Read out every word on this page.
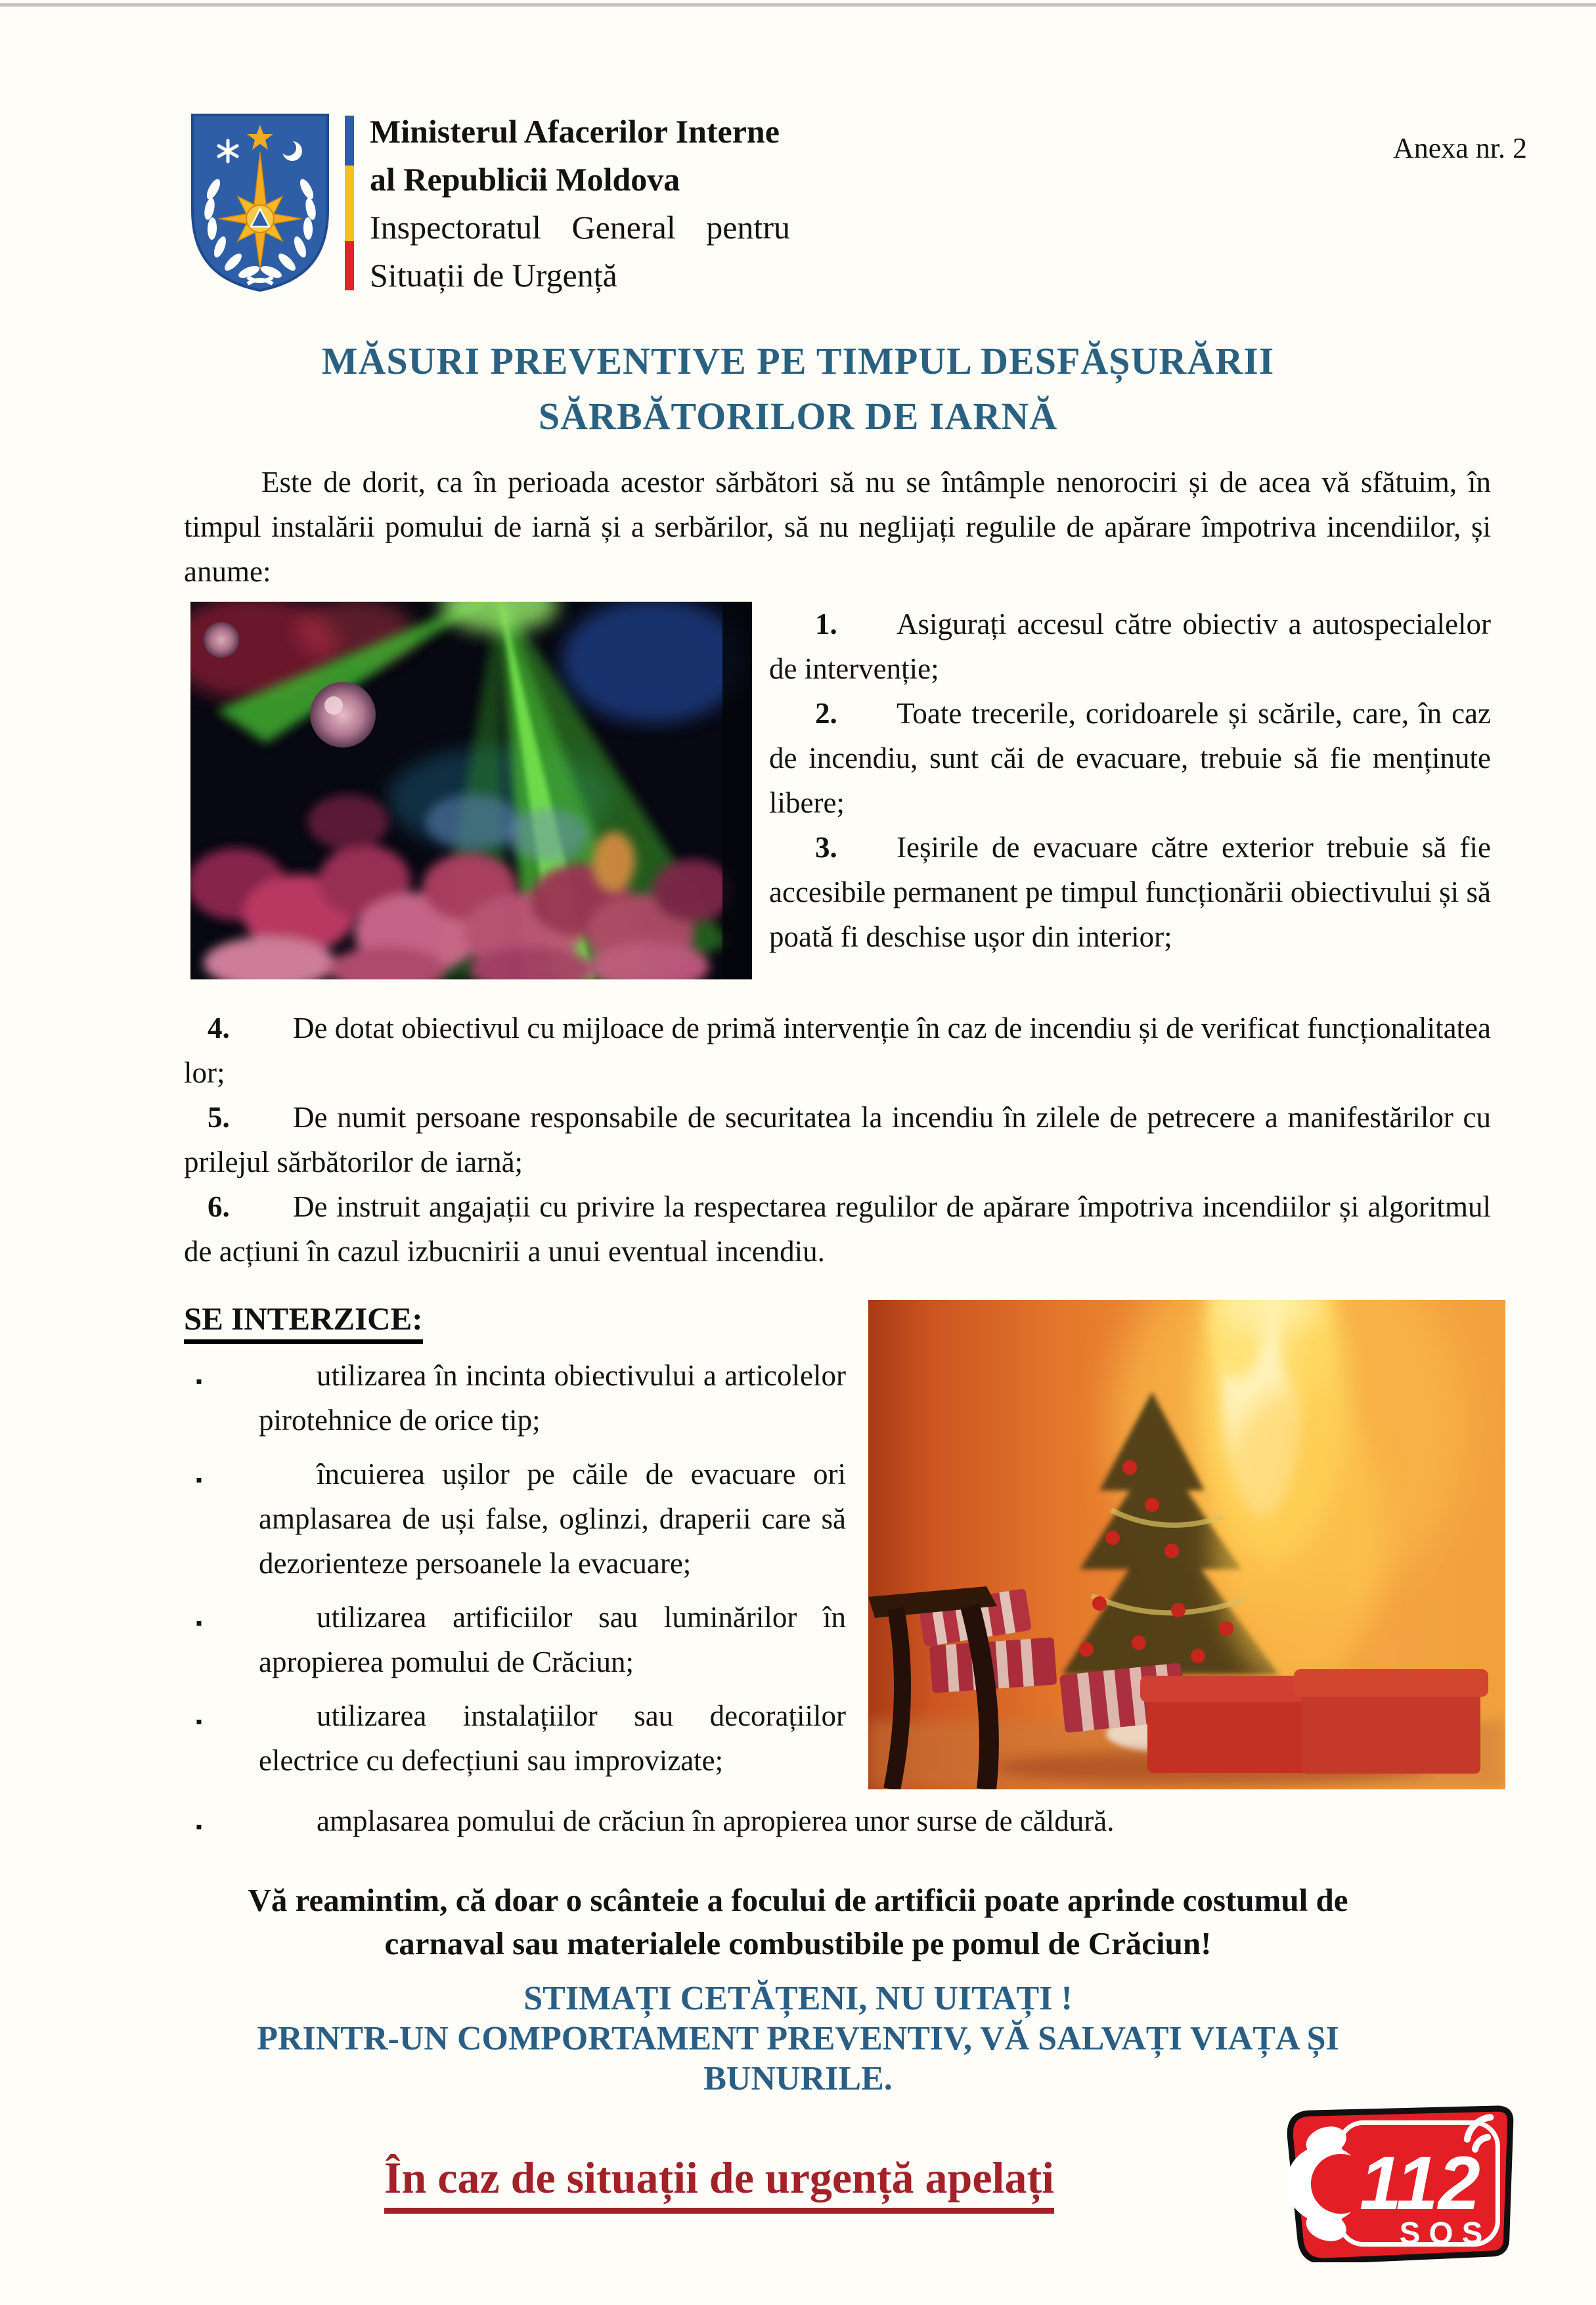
Anexa nr. 2
Ministerul Afacerilor Interne
al Republicii Moldova
Inspectoratul General pentru
Situații de Urgență
MĂSURI PREVENTIVE PE TIMPUL DESFĂȘURĂRII
SĂRBĂTORILOR DE IARNĂ

Este de dorit, ca în perioada acestor sărbători să nu se întâmple nenorociri și de acea vă sfătuim, în timpul instalării pomului de iarnă și a serbărilor, să nu neglijați regulile de apărare împotriva incendiilor, și anume:

1. Asigurați accesul către obiectiv a autospecialelor de intervenție;

2. Toate trecerile, coridoarele și scările, care, în caz de incendiu, sunt căi de evacuare, trebuie să fie menținute libere;

3. Ieșirile de evacuare către exterior trebuie să fie accesibile permanent pe timpul funcționării obiectivului și să poată fi deschise ușor din interior;

4. De dotat obiectivul cu mijloace de primă intervenție în caz de incendiu și de verificat funcționalitatea lor;

5. De numit persoane responsabile de securitatea la incendiu în zilele de petrecere a manifestărilor cu prilejul sărbătorilor de iarnă;

6. De instruit angajații cu privire la respectarea regulilor de apărare împotriva incendiilor și algoritmul de acțiuni în cazul izbucnirii a unui eventual incendiu.

SE INTERZICE:

▪	utilizarea în incinta obiectivului a articolelor pirotehnice de orice tip;

▪	încuierea ușilor pe căile de evacuare ori amplasarea de uși false, oglinzi, draperii care să dezorienteze persoanele la evacuare;

▪	utilizarea artificiilor sau luminărilor în apropierea pomului de Crăciun;

▪	utilizarea instalațiilor sau decorațiilor electrice cu defecțiuni sau improvizate;

▪	amplasarea pomului de crăciun în apropierea unor surse de căldură.

Vă reamintim, că doar o scânteie a focului de artificii poate aprinde costumul de
carnaval sau materialele combustibile pe pomul de Crăciun!
STIMAȚI CETĂȚENI, NU UITAȚI !
PRINTR-UN COMPORTAMENT PREVENTIV, VĂ SALVAȚI VIAȚA ȘI
BUNURILE.
În caz de situații de urgență apelați	112
SOS
